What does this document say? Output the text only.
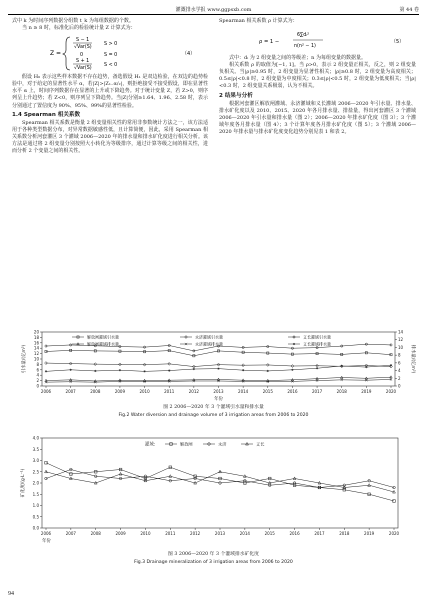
灌溉排水学报 www.ggpsxb.com	第 44 卷

式中 k 为时间序列数据分组数 t_k 为每组数据的个数。

当 n ≥ 8 时，标准化后的检验统计量 Z 计算式为：

Z =
S − 1
√Var(S)
S > 0
0	S = 0
S + 1
√Var(S)
S < 0
（4）

假设 H₀ 表示这些样本数据不存在趋势，备选假设 H₁ 是双边检验，在双边的趋势检验中，对于给定的显著性水平 α，若|Z|>|Z₁₋α/₂|，则拒绝接受不接受假设，即在显著性水平 α 上，时间序列数据存在显著的上升或下降趋势。对于统计变量 Z，若 Z>0，则序列呈上升趋势；若 Z<0，则序列呈下降趋势。当|Z|分别≥1.64、1.96、2.58 时，表示分别通过了置信度为 90%、95%、99%的显著性检验。

1.4 Spearman 相关系数

Spearman 相关系数是衡量 2 组变量相关性的常用非参数统计方法之一，该方法适用于各种类型数据分布，对异常数据敏感性低，且计算简便，因此，采用 Spearman 相关系数分析河套灌区 3 个灌域 2006—2020 年的排水量和排水矿化度进行相关分析。该方法是通过将 2 组变量分别按照大小转化为等级排序，通过计算等级之间的相关性，进而分析 2 个变量之间的相关性。

Spearman 相关系数 ρ 计算式为：

ρ = 1 −
6∑dᵢ²
n(n² − 1)
（5）

式中：dᵢ 为 2 组变量之间的等级差；n 为每组变量的数据量。

相关系数 ρ 的取值为[−1, 1]。当 ρ>0，表示 2 组变量正相关，反之，则 2 组变量负相关。当|ρ|≥0.95 时，2 组变量为显著性相关；|ρ|≥0.8 时，2 组变量为高度相关；0.5≤|ρ|<0.8 时，2 组变量为中度相关；0.3≤|ρ|<0.5 时，2 组变量为低度相关；当|ρ|<0.3 时，2 组变量关系极弱，认为不相关。

2 结果与分析

根据河套灌区解放闸灌域、永济灌域和义长灌域 2006—2020 年引水量、排水量、排水矿化度以及 2010、2015、2020 年各月排水量、排盐量，得出河套灌区 3 个灌域 2006—2020 年引水量和排水量（图 2）；2006—2020 年排水矿化度（图 3）；3 个灌域年度各月排水量（图 4）；3 个计算年度各月排水矿化度（图 5）；3 个灌域 2006—2020 年排水量与排水矿化度变化趋势分别见表 1 和表 2。

0
2
4
6
8
10
12
14
16
18
20
0
2
4
6
8
10
12
14
2006	2007	2008	2009	2010	2011	2012	2013	2014	2015	2016	2017	2018	2019	2020
年份
引水量/(亿m³)	排水量/(亿m³)
解放闸灌域引水量	永济灌域引水量	义长灌域引水量
解放闸灌域排水量	永济灌域排水量	义长灌域排水量
图 2 2006—2020 年 3 个灌域引水量和排水量
Fig.2 Water diversion and drainage volume of 3 irrigation areas from 2006 to 2020
0.0
0.5
1.0
1.5
2.0
2.5
3.0
3.5
4.0
2006	2007	2008	2009	2010	2011	2012	2013	2014	2015	2016	2017	2018	2019	2020
年份
矿化度/(g·L⁻¹)
灌域:	解放闸	永济	义长
图 3 2006—2020 年 3 个灌域排水矿化度
Fig.3 Drainage mineralization of 3 irrigation areas from 2006 to 2020
94
